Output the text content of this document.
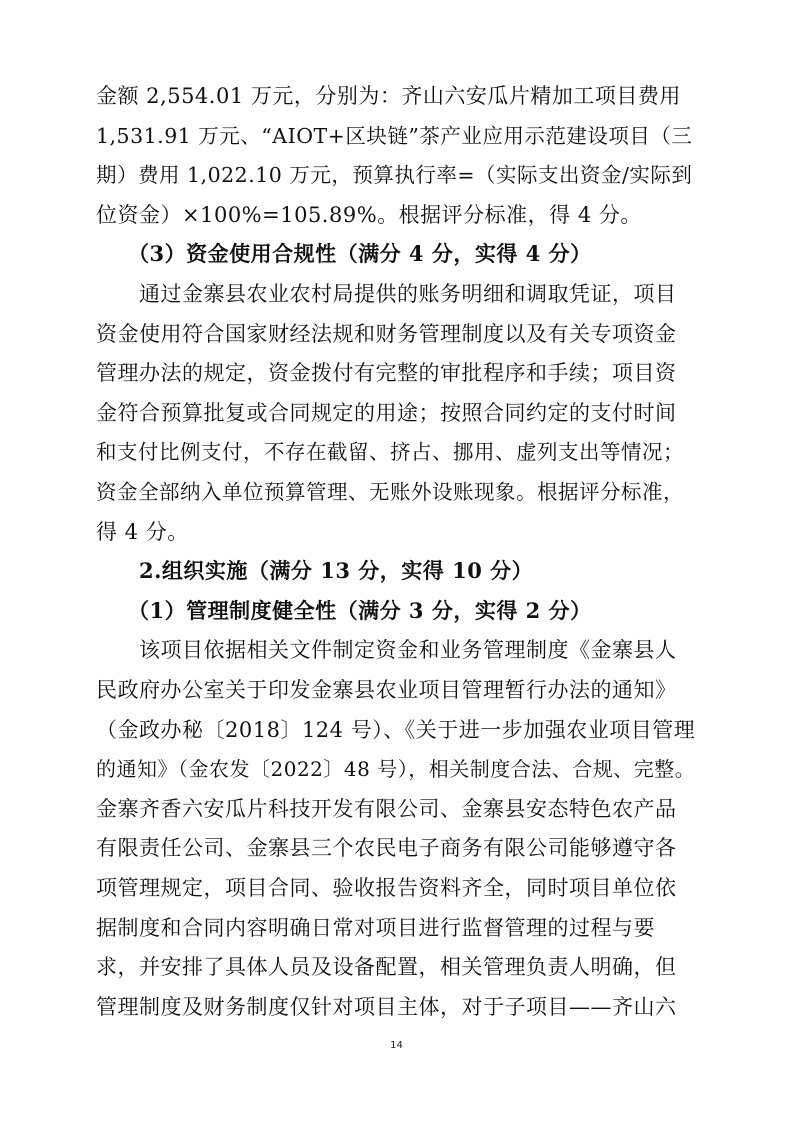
金额 2,554.01 万元，分别为：齐山六安瓜片精加工项目费用
1,531.91 万元、“AIOT+区块链”茶产业应用示范建设项目（三
期）费用 1,022.10 万元，预算执行率=（实际支出资金/实际到
位资金）×100%=105.89%。根据评分标准，得 4 分。
（3）资金使用合规性（满分 4 分，实得 4 分）
通过金寨县农业农村局提供的账务明细和调取凭证，项目
资金使用符合国家财经法规和财务管理制度以及有关专项资金
管理办法的规定，资金拨付有完整的审批程序和手续；项目资
金符合预算批复或合同规定的用途；按照合同约定的支付时间
和支付比例支付，不存在截留、挤占、挪用、虚列支出等情况；
资金全部纳入单位预算管理、无账外设账现象。根据评分标准，
得 4 分。
2.组织实施（满分 13 分，实得 10 分）
（1）管理制度健全性（满分 3 分，实得 2 分）
该项目依据相关文件制定资金和业务管理制度《金寨县人
民政府办公室关于印发金寨县农业项目管理暂行办法的通知》
（金政办秘〔2018〕124 号）、《关于进一步加强农业项目管理
的通知》（金农发〔2022〕48 号），相关制度合法、合规、完整。
金寨齐香六安瓜片科技开发有限公司、金寨县安态特色农产品
有限责任公司、金寨县三个农民电子商务有限公司能够遵守各
项管理规定，项目合同、验收报告资料齐全，同时项目单位依
据制度和合同内容明确日常对项目进行监督管理的过程与要
求，并安排了具体人员及设备配置，相关管理负责人明确，但
管理制度及财务制度仅针对项目主体，对于子项目——齐山六
14
